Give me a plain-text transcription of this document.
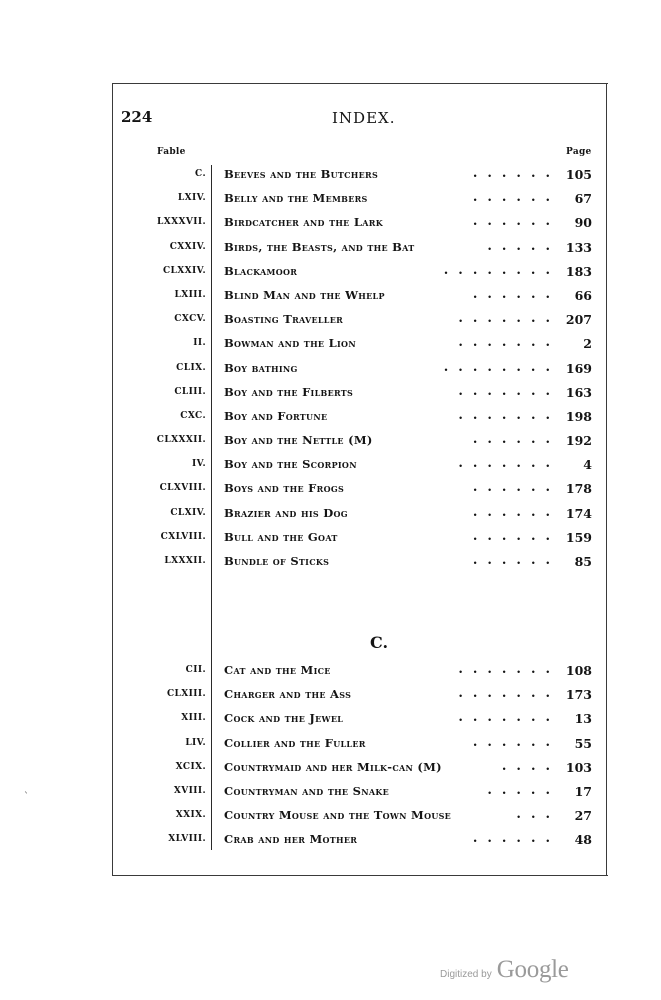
224	INDEX.
Fable	Page
C. Beeves and the Butchers	...... 105
LXIV. Belly and the Members	...... 67
LXXXVII. Birdcatcher and the Lark	...... 90
CXXIV. Birds, the Beasts, and the Bat	..... 133
CLXXIV. Blackamoor	........ 183
LXIII. Blind Man and the Whelp	...... 66
CXCV. Boasting Traveller	....... 207
II. Bowman and the Lion	....... 2
CLIX. Boy bathing	........ 169
CLIII. Boy and the Filberts	....... 163
CXC. Boy and Fortune	....... 198
CLXXXII. Boy and the Nettle (M)	...... 192
IV. Boy and the Scorpion	....... 4
CLXVIII. Boys and the Frogs	...... 178
CLXIV. Brazier and his Dog	...... 174
CXLVIII. Bull and the Goat	...... 159
LXXXII. Bundle of Sticks	...... 85
C.
CII. Cat and the Mice	....... 108
CLXIII. Charger and the Ass	....... 173
XIII. Cock and the Jewel	....... 13
LIV. Collier and the Fuller	...... 55
XCIX. Countrymaid and her Milk-can (M)	.... 103
XVIII. Countryman and the Snake	..... 17
XXIX. Country Mouse and the Town Mouse	... 27
XLVIII. Crab and her Mother	...... 48
ˋ
Digitized by Google
